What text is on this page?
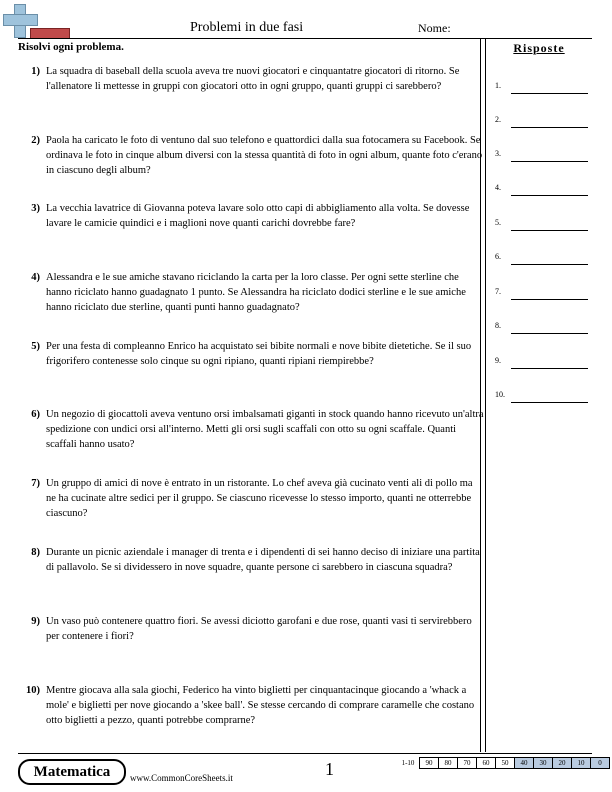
Problemi in due fasi	Nome:
Risolvi ogni problema.	Risposte
1.
2.
3.
4.
5.
6.
7.
8.
9.
10.
1) La squadra di baseball della scuola aveva tre nuovi giocatori e cinquantatre giocatori di ritorno. Se l'allenatore li mettesse in gruppi con giocatori otto in ogni gruppo, quanti gruppi ci sarebbero?
2) Paola ha caricato le foto di ventuno dal suo telefono e quattordici dalla sua fotocamera su Facebook. Se ordinava le foto in cinque album diversi con la stessa quantità di foto in ogni album, quante foto c'erano in ciascuno degli album?
3) La vecchia lavatrice di Giovanna poteva lavare solo otto capi di abbigliamento alla volta. Se dovesse lavare le camicie quindici e i maglioni nove quanti carichi dovrebbe fare?
4) Alessandra e le sue amiche stavano riciclando la carta per la loro classe. Per ogni sette sterline che hanno riciclato hanno guadagnato 1 punto. Se Alessandra ha riciclato dodici sterline e le sue amiche hanno riciclato due sterline, quanti punti hanno guadagnato?
5) Per una festa di compleanno Enrico ha acquistato sei bibite normali e nove bibite dietetiche. Se il suo frigorifero contenesse solo cinque su ogni ripiano, quanti ripiani riempirebbe?
6) Un negozio di giocattoli aveva ventuno orsi imbalsamati giganti in stock quando hanno ricevuto un'altra spedizione con undici orsi all'interno. Metti gli orsi sugli scaffali con otto su ogni scaffale. Quanti scaffali hanno usato?
7) Un gruppo di amici di nove è entrato in un ristorante. Lo chef aveva già cucinato venti ali di pollo ma ne ha cucinate altre sedici per il gruppo. Se ciascuno ricevesse lo stesso importo, quanti ne otterrebbe ciascuno?
8) Durante un picnic aziendale i manager di trenta e i dipendenti di sei hanno deciso di iniziare una partita di pallavolo. Se si dividessero in nove squadre, quante persone ci sarebbero in ciascuna squadra?
9) Un vaso può contenere quattro fiori. Se avessi diciotto garofani e due rose, quanti vasi ti servirebbero per contenere i fiori?
10) Mentre giocava alla sala giochi, Federico ha vinto biglietti per cinquantacinque giocando a 'whack a mole' e biglietti per nove giocando a 'skee ball'. Se stesse cercando di comprare caramelle che costano otto biglietti a pezzo, quanti potrebbe comprarne?
Matematica	www.CommonCoreSheets.it	1	1-10	90	80	70	60	50	40	30	20	10	0
